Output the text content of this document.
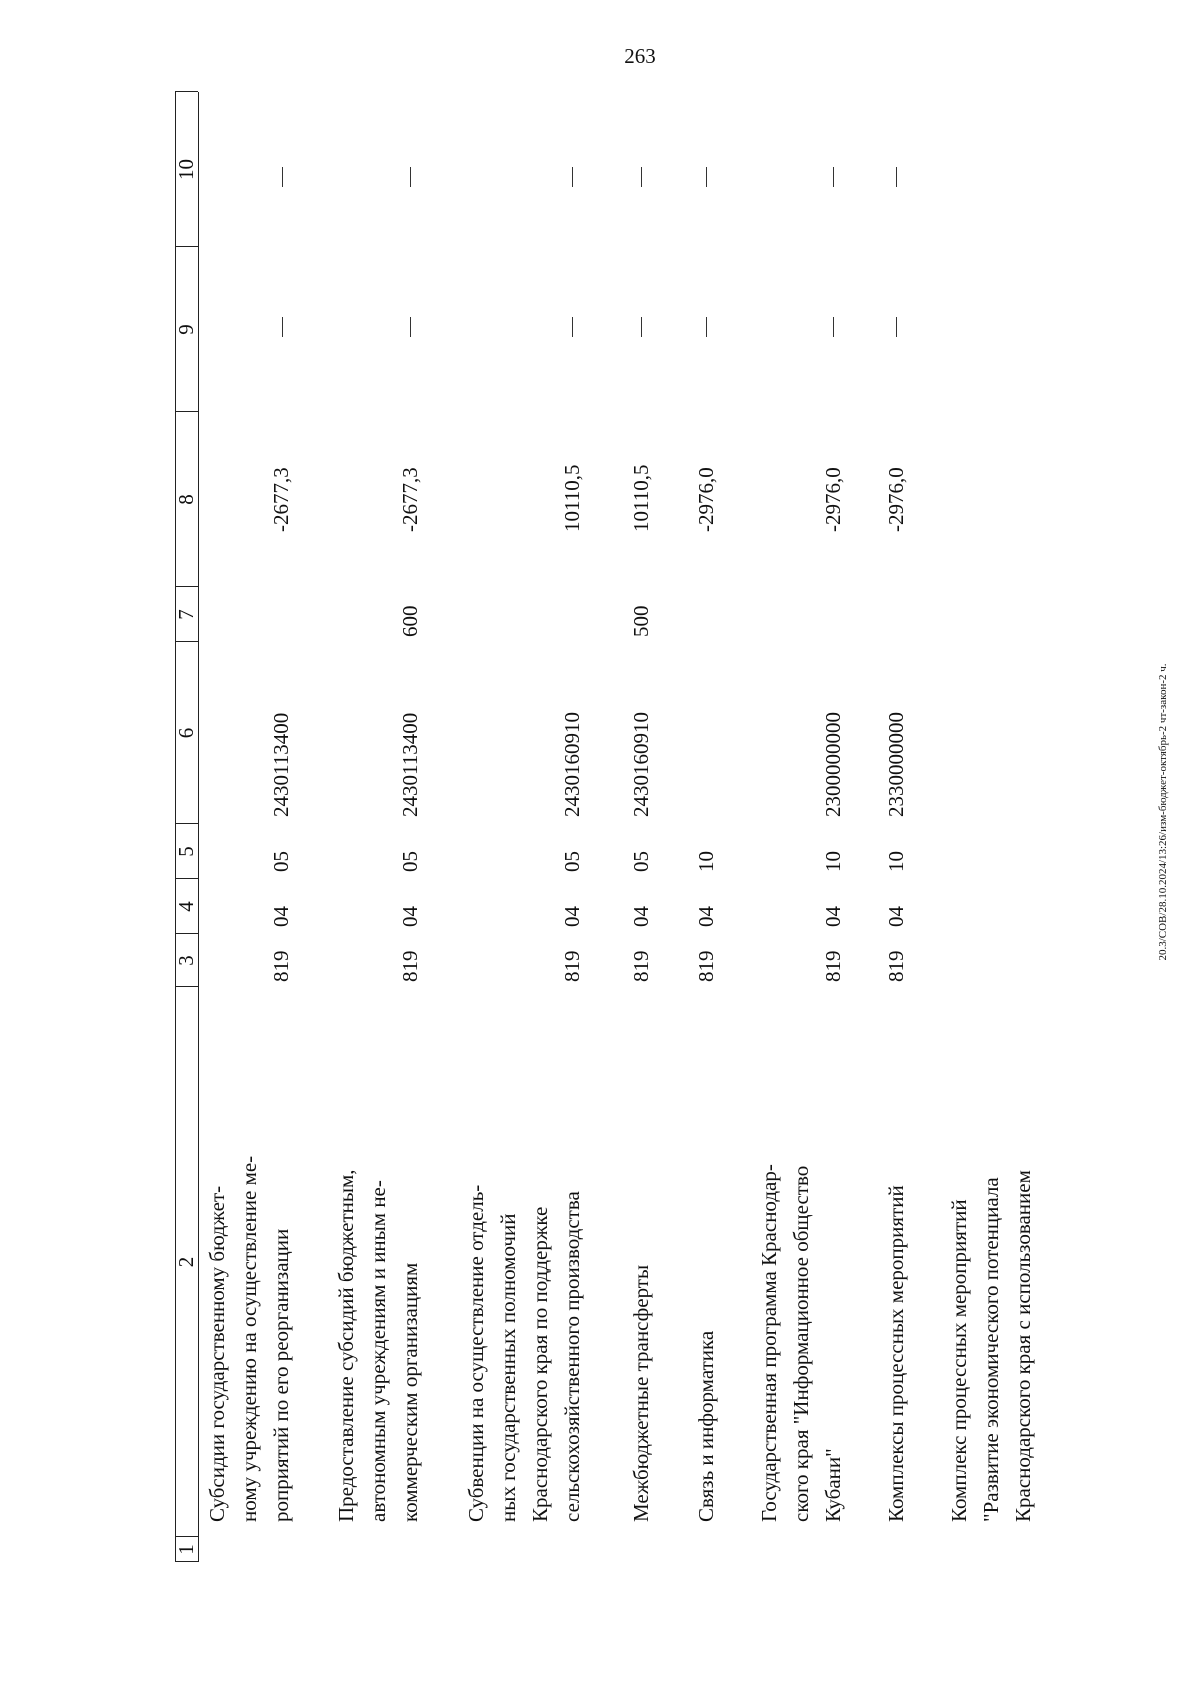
263
20.3/СОВ/28.10.2024/13:26/изм-бюджет-октябрь-2 чт-закон-2 ч.
1
2
3
4
5
6
7
8
9
10
Субсидии государственному бюджет- ному учреждению на осуществление ме- роприятий по его реорганизации
819
04
05
2430113400
-2677,3
Предоставление субсидий бюджетным, автономным учреждениям и иным не- коммерческим организациям
819
04
05
2430113400
600
-2677,3
Субвенции на осуществление отдель- ных государственных полномочий Краснодарского края по поддержке сельскохозяйственного производства
819
04
05
2430160910
10110,5
Межбюджетные трансферты
819
04
05
2430160910
500
10110,5
Связь и информатика
819
04
10
-2976,0
Государственная программа Краснодар- ского края "Информационное общество Кубани"
819
04
10
2300000000
-2976,0
Комплексы процессных мероприятий
819
04
10
2330000000
-2976,0
Комплекс процессных мероприятий "Развитие экономического потенциала Краснодарского края с использованием
